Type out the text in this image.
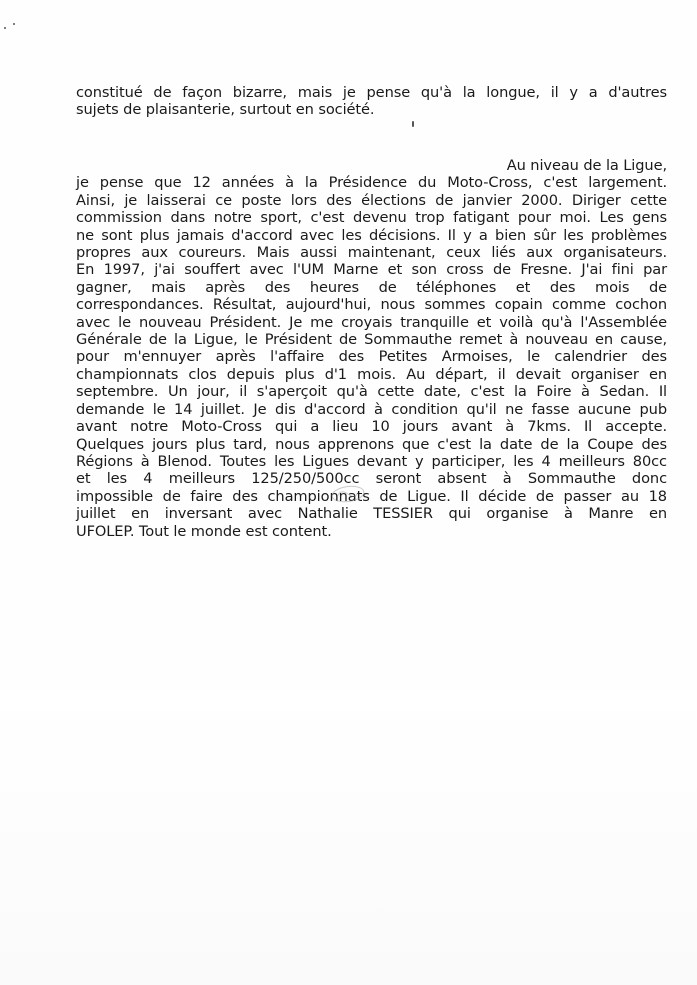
constitué de façon bizarre, mais je pense qu'à la longue, il y a d'autres
sujets de plaisanterie, surtout en société.
Au niveau de la Ligue,
je pense que 12 années à la Présidence du Moto-Cross, c'est largement.
Ainsi, je laisserai ce poste lors des élections de janvier 2000. Diriger cette
commission dans notre sport, c'est devenu trop fatigant pour moi. Les gens
ne sont plus jamais d'accord avec les décisions. Il y a bien sûr les problèmes
propres aux coureurs. Mais aussi maintenant, ceux liés aux organisateurs.
En 1997, j'ai souffert avec l'UM Marne et son cross de Fresne. J'ai fini par
gagner, mais après des heures de téléphones et des mois de
correspondances. Résultat, aujourd'hui, nous sommes copain comme cochon
avec le nouveau Président. Je me croyais tranquille et voilà qu'à l'Assemblée
Générale de la Ligue, le Président de Sommauthe remet à nouveau en cause,
pour m'ennuyer après l'affaire des Petites Armoises, le calendrier des
championnats clos depuis plus d'1 mois. Au départ, il devait organiser en
septembre. Un jour, il s'aperçoit qu'à cette date, c'est la Foire à Sedan. Il
demande le 14 juillet. Je dis d'accord à condition qu'il ne fasse aucune pub
avant notre Moto-Cross qui a lieu 10 jours avant à 7kms. Il accepte.
Quelques jours plus tard, nous apprenons que c'est la date de la Coupe des
Régions à Blenod. Toutes les Ligues devant y participer, les 4 meilleurs 80cc
et les 4 meilleurs 125/250/500cc seront absent à Sommauthe donc
impossible de faire des championnats de Ligue. Il décide de passer au 18
juillet en inversant avec Nathalie TESSIER qui organise à Manre en
UFOLEP. Tout le monde est content.
